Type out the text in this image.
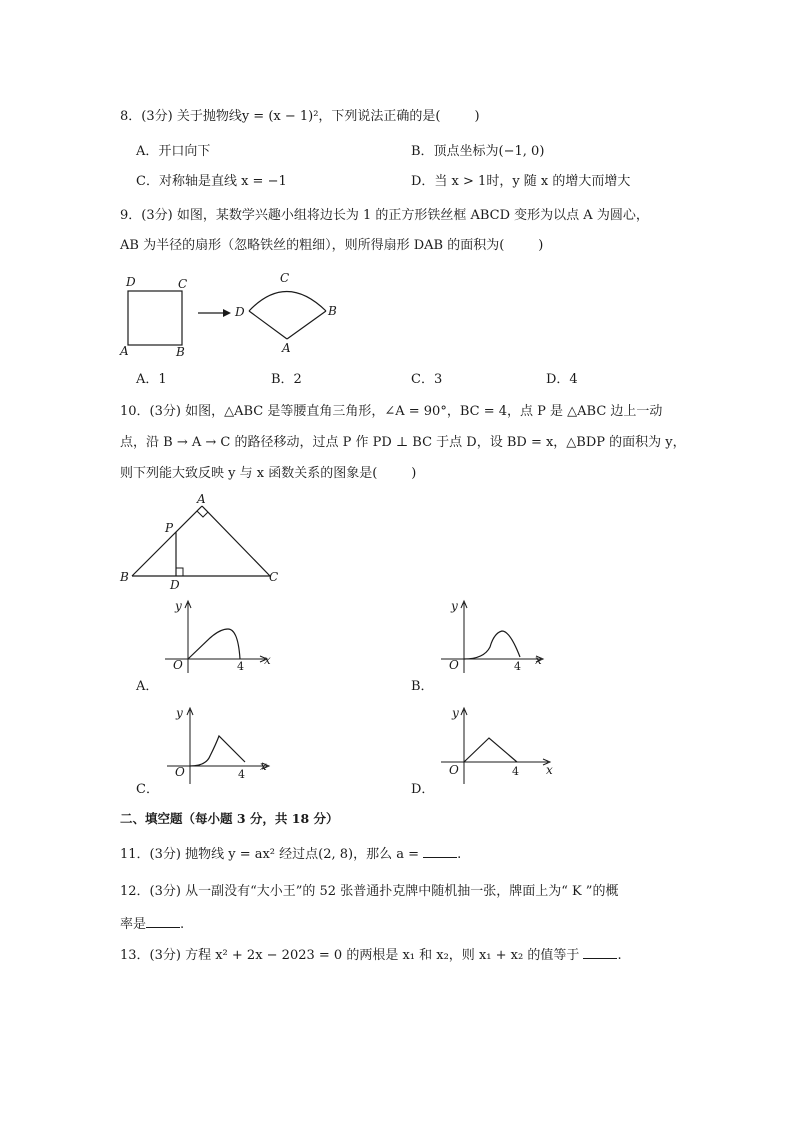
8．(3分) 关于抛物线y = (x − 1)²，下列说法正确的是(	)
A．开口向下	B．顶点坐标为(−1, 0)
C．对称轴是直线 x = −1	D．当 x > 1时，y 随 x 的增大而增大
9．(3分) 如图，某数学兴趣小组将边长为 1 的正方形铁丝框 ABCD 变形为以点 A 为圆心，
AB 为半径的扇形（忽略铁丝的粗细），则所得扇形 DAB 的面积为(	)
D	C
A	B
C
D	B
A
A．1	B．2	C．3	D．4
10．(3分) 如图，△ABC 是等腰直角三角形，∠A = 90°，BC = 4，点 P 是 △ABC 边上一动
点，沿 B → A → C 的路径移动，过点 P 作 PD ⊥ BC 于点 D，设 BD = x，△BDP 的面积为 y，
则下列能大致反映 y 与 x 函数关系的图象是(	)
A
P
B
D
C
y
x
O	4
A．
y
x
O	4
B．
y
x
O	4
C．
y
x
O	4
D．
二、填空题（每小题 3 分，共 18 分）
11．(3分) 抛物线 y = ax² 经过点(2, 8)，那么 a =	.
12．(3分) 从一副没有“大小王”的 52 张普通扑克牌中随机抽一张，牌面上为“ K ”的概
率是	.
13．(3分) 方程 x² + 2x − 2023 = 0 的两根是 x₁ 和 x₂，则 x₁ + x₂ 的值等于	.
